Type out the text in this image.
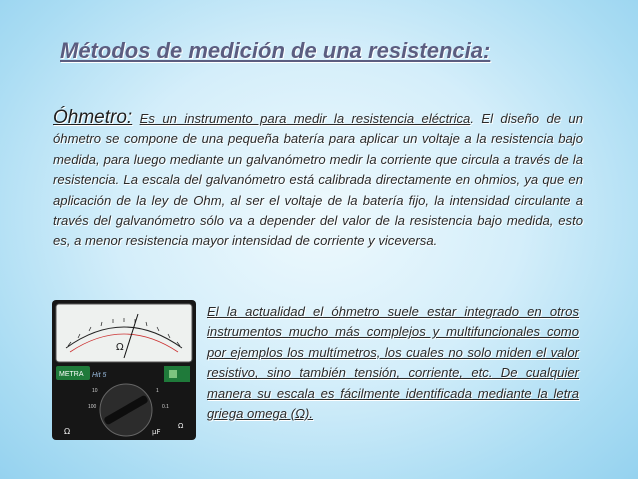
Métodos de medición de una resistencia:

Óhmetro: Es un instrumento para medir la resistencia eléctrica. El diseño de un óhmetro se compone de una pequeña batería para aplicar un voltaje a la resistencia bajo medida, para luego mediante un galvanómetro medir la corriente que circula a través de la resistencia. La escala del galvanómetro está calibrada directamente en ohmios, ya que en aplicación de la ley de Ohm, al ser el voltaje de la batería fijo, la intensidad circulante a través del galvanómetro sólo va a depender del valor de la resistencia bajo medida, esto es, a menor resistencia mayor intensidad de corriente y viceversa.

Ω
METRA Hit 5
10	1
100	0.1
Ω	μF
Ω

El la actualidad el óhmetro suele estar integrado en otros instrumentos mucho más complejos y multifuncionales como por ejemplos los multímetros, los cuales no solo miden el valor resistivo, sino también tensión, corriente, etc. De cualquier manera su escala es fácilmente identificada mediante la letra griega omega (Ω).
